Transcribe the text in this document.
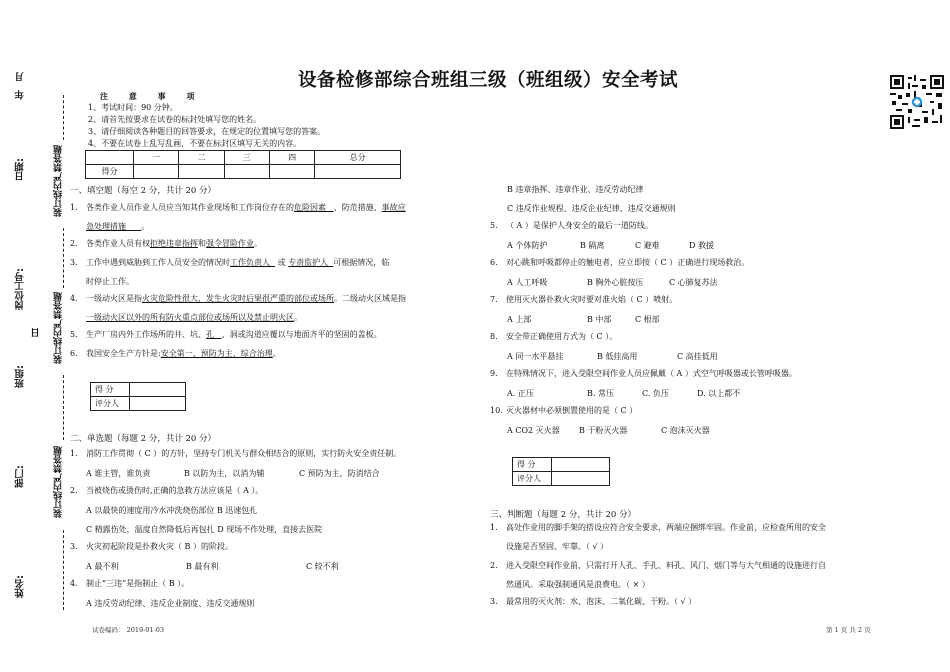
月
年
日期:
岗位工号:
日
班组:
部门:
姓名:
装订线内严禁答题
装订线内严禁答题
装订线内严禁答题
设备检修部综合班组三级（班组级）安全考试
注 意 事 项
1、考试时间：90 分钟。
2、请首先按要求在试卷的标封处填写您的姓名。
3、请仔细阅读各种题目的回答要求，在规定的位置填写您的答案。
4、不要在试卷上乱写乱画，不要在标封区填写无关的内容。
	一	二	三	四	总分
得分					
一、填空题（每空 2 分，共计 20 分）
1. 各类作业人员作业人员应当知其作业现场和工作岗位存在的危险因素 、防范措施、事故应
急处理措施 。
2. 各类作业人员有权拒绝违章指挥和强令冒险作业。
3. 工作中遇到威胁到工作人员安全的情况时工作负责人 或 专责监护人 可根据情况，临
时停止工作。
4. 一级动火区是指火灾危险性很大，发生火灾时后果很严重的部位或场所。二级动火区域是指
一级动火区以外的所有防火重点部位或场所以及禁止明火区。
5. 生产厂房内外工作场所的井、坑、孔 、洞或沟道应覆以与地面齐平的坚固的盖板。
6. 我国安全生产方针是:安全第一、预防为主、综合治理。
得 分	
评分人	
二、单选题（每题 2 分，共计 20 分）
1. 消防工作贯彻（ C ）的方针，坚持专门机关与群众相结合的原则，实行防火安全责任制。
A 谁主管，谁负责	B 以防为主，以消为辅	C 预防为主，防消结合
2. 当被烧伤或烫伤时,正确的急救方法应该是（ A ）。
A 以最快的速度用冷水冲洗烧伤部位 B 迅速包扎
C 精露伤处，温度自然降低后再包扎 D 现场不作处理，直接去医院
3. 火灾初起阶段是扑救火灾（ B ）的阶段。
A 最不利	B 最有利	C 较不利
4. 制止“三违”是指制止（ B ）。
A 违反劳动纪律、违反企业制度、违反交通规则
B 违章指挥、违章作业、违反劳动纪律
C 违反作业规程、违反企业纪律、违反交通规则
5. （ A ）是保护人身安全的最后一道防线。
A 个体防护	B 隔离	C 避难	D 救援
6. 对心跳和呼吸都停止的触电者，应立即按（ C ）正确进行现场救治。
A 人工呼吸	B 胸外心脏按压	C 心肺复苏法
7. 使用灭火器扑救火灾时要对准火焰（ C ）喷射。
A 上部	B 中部	C 根部
8. 安全带正确使用方式为（ C ）。
A 同一水平悬挂	B 低挂高用	C 高挂低用
9. 在特殊情况下，进入受限空间作业人员应佩戴（ A ）式空气呼吸器或长管呼吸器。
A. 正压	B. 常压	C. 负压	D. 以上都不
10. 灭火器材中必须倒置使用的是（ C ）
A CO2 灭火器 B 干粉灭火器	C 泡沫灭火器
得 分	
评分人	
三、判断题（每题 2 分，共计 20 分）
1. 高处作业用的脚手架的搭设应符合安全要求，两端应捆绑牢固。作业前，应检查所用的安全
设施是否坚固、牢靠。（ √ ）
2. 进入受限空间作业前，只需打开人孔、手孔、料孔、风门、烟门等与大气相通的设施进行自
然通风。采取强制通风是浪费电。（ × ）
3. 最常用的灭火剂：水、泡沫、二氧化碳、干粉。（ √ ）
试卷编码： 2019-01-03	第 1 页 共 2 页
